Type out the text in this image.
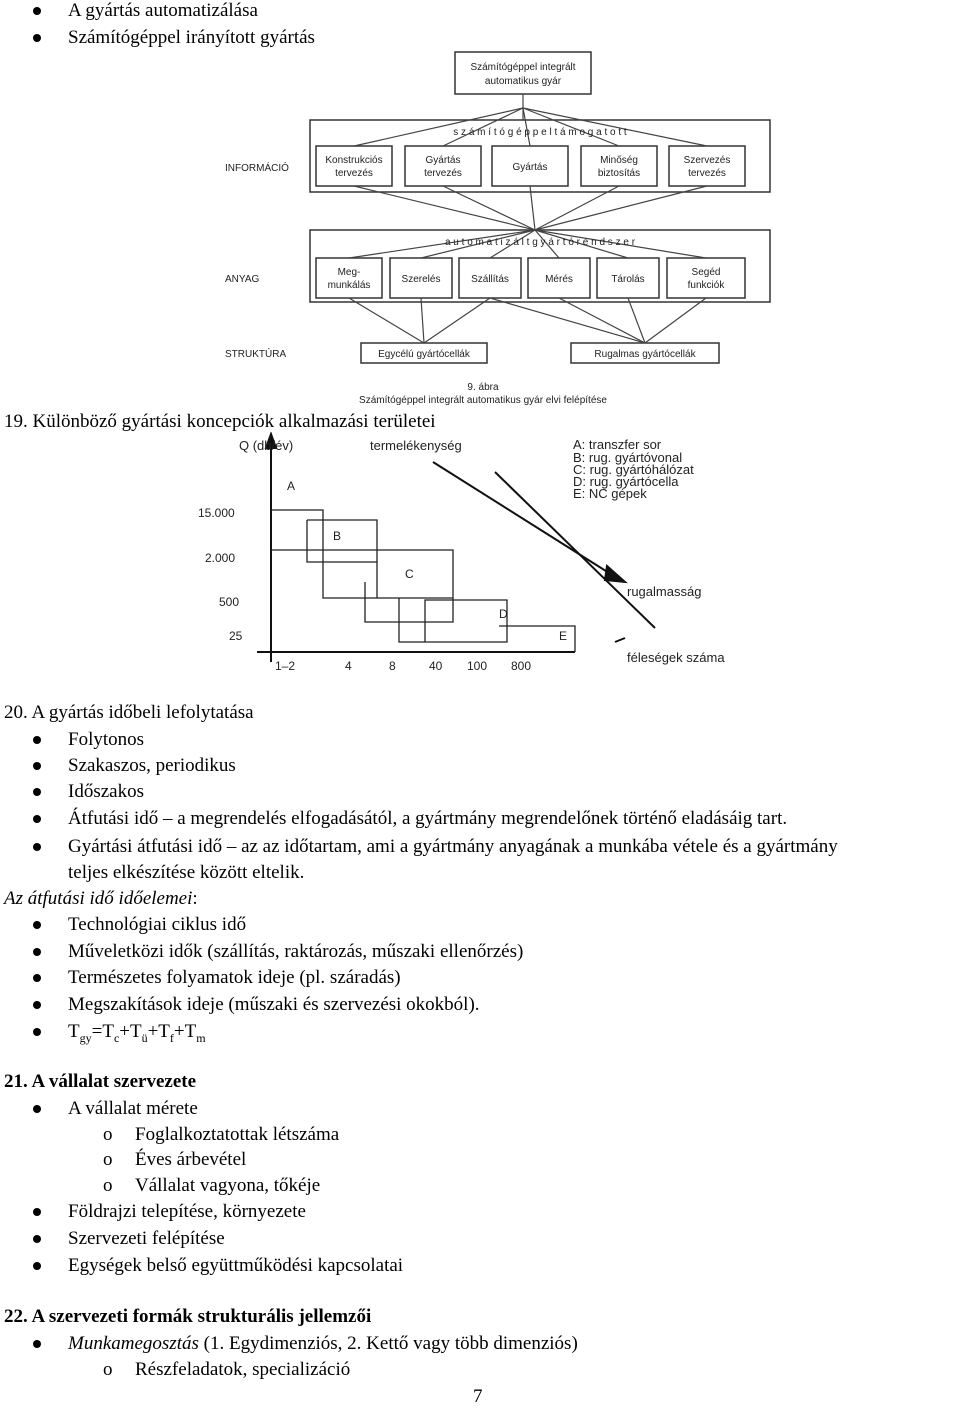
A gyártás automatizálása
Számítógéppel irányított gyártás
Számítógéppel integrált
automatikus gyár
s z á m í t ó g é p p e l t á m o g a t o t t
a u t o m a t i z á l t g y á r t ó r e n d s z e r
INFORMÁCIÓ
ANYAG
STRUKTÚRA
Konstrukciós
tervezés
Gyártás
tervezés
Gyártás
Minőség
biztosítás
Szervezés
tervezés
Meg-
munkálás
Szerelés	Szállítás	Mérés	Tárolás
Segéd
funkciók
Egycélú gyártócellák	Rugalmas gyártócellák
9. ábra
Számítógéppel integrált automatikus gyár elvi felépítése
19. Különböző gyártási koncepciók alkalmazási területei
Q (db/év)	termelékenység
15.000
2.000
500
25
1–2	4	8	40 100 800
A
B
C
D
E
A: transzfer sor
B: rug. gyártóvonal
C: rug. gyártóhálózat
D: rug. gyártócella
E: NC gépek
rugalmasság
féleségek száma
20. A gyártás időbeli lefolytatása
Folytonos
Szakaszos, periodikus
Időszakos
Átfutási idő – a megrendelés elfogadásától, a gyártmány megrendelőnek történő eladásáig tart.
Gyártási átfutási idő – az az időtartam, ami a gyártmány anyagának a munkába vétele és a gyártmány
teljes elkészítése között eltelik.
Az átfutási idő időelemei:
Technológiai ciklus idő
Műveletközi idők (szállítás, raktározás, műszaki ellenőrzés)
Természetes folyamatok ideje (pl. száradás)
Megszakítások ideje (műszaki és szervezési okokból).
$T_{gy}=T_c+T_ü+T_f+T_m$
21. A vállalat szervezete
A vállalat mérete
o Foglalkoztatottak létszáma
o Éves árbevétel
o Vállalat vagyona, tőkéje
Földrajzi telepítése, környezete
Szervezeti felépítése
Egységek belső együttműködési kapcsolatai
22. A szervezeti formák strukturális jellemzői
Munkamegosztás (1. Egydimenziós, 2. Kettő vagy több dimenziós)
o Részfeladatok, specializáció
7
